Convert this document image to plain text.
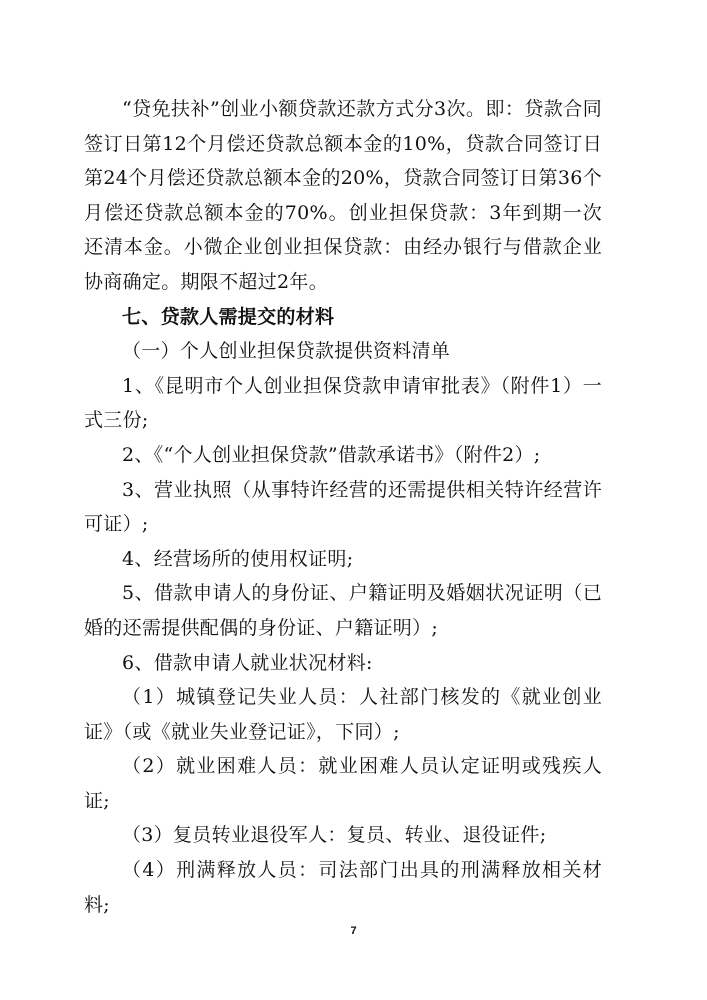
“贷免扶补”创业小额贷款还款方式分3次。即：贷款合同签订日第12个月偿还贷款总额本金的10%，贷款合同签订日第24个月偿还贷款总额本金的20%，贷款合同签订日第36个月偿还贷款总额本金的70%。创业担保贷款：3年到期一次还清本金。小微企业创业担保贷款：由经办银行与借款企业协商确定。期限不超过2年。

七、贷款人需提交的材料

（一）个人创业担保贷款提供资料清单

1、《昆明市个人创业担保贷款申请审批表》（附件1）一式三份;

2、《“个人创业担保贷款”借款承诺书》（附件2）;

3、营业执照（从事特许经营的还需提供相关特许经营许可证）;

4、经营场所的使用权证明;

5、借款申请人的身份证、户籍证明及婚姻状况证明（已婚的还需提供配偶的身份证、户籍证明）;

6、借款申请人就业状况材料:

（1）城镇登记失业人员：人社部门核发的《就业创业证》（或《就业失业登记证》，下同）;

（2）就业困难人员：就业困难人员认定证明或残疾人证;

（3）复员转业退役军人：复员、转业、退役证件;

（4）刑满释放人员：司法部门出具的刑满释放相关材料;

7
